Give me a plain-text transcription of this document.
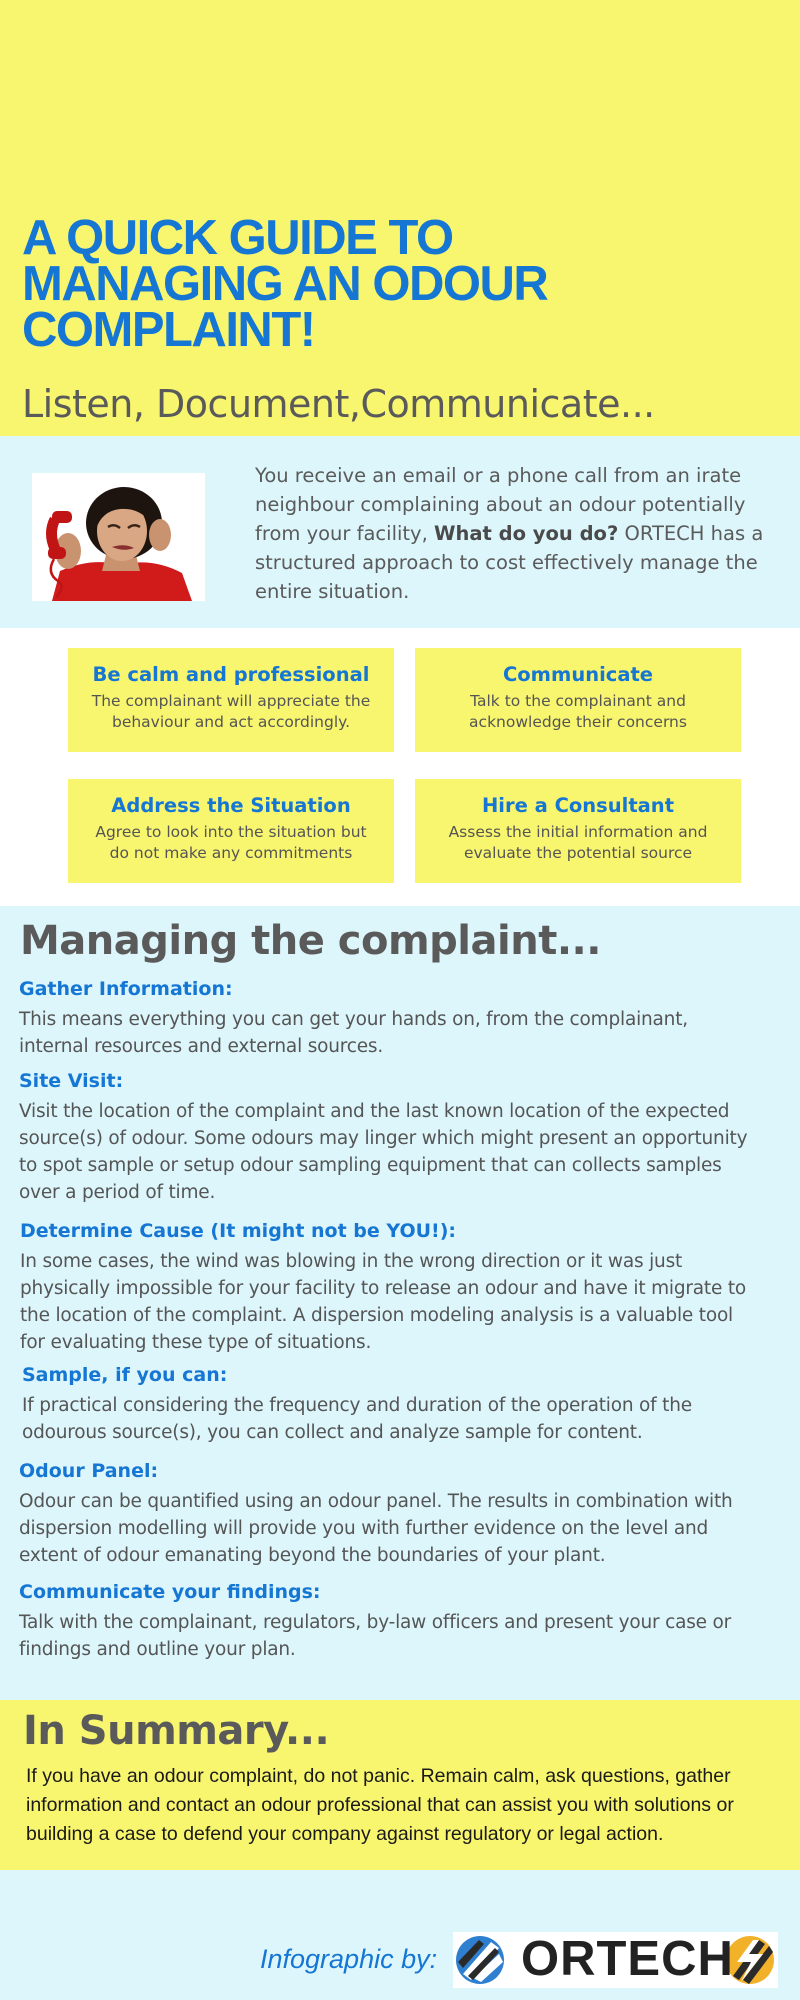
A QUICK GUIDE TO
MANAGING AN ODOUR
COMPLAINT!
Listen, Document,Communicate...

You receive an email or a phone call from an irate neighbour complaining about an odour potentially from your facility, What do you do? ORTECH has a structured approach to cost effectively manage the entire situation.

Be calm and professional
The complainant will appreciate the behaviour and act accordingly.
Communicate
Talk to the complainant and acknowledge their concerns
Address the Situation
Agree to look into the situation but do not make any commitments
Hire a Consultant
Assess the initial information and evaluate the potential source
Managing the complaint...
Gather Information:
This means everything you can get your hands on, from the complainant, internal resources and external sources.
Site Visit:
Visit the location of the complaint and the last known location of the expected source(s) of odour. Some odours may linger which might present an opportunity to spot sample or setup odour sampling equipment that can collects samples over a period of time.
Determine Cause (It might not be YOU!):
In some cases, the wind was blowing in the wrong direction or it was just physically impossible for your facility to release an odour and have it migrate to the location of the complaint. A dispersion modeling analysis is a valuable tool for evaluating these type of situations.
Sample, if you can:
If practical considering the frequency and duration of the operation of the odourous source(s), you can collect and analyze sample for content.
Odour Panel:
Odour can be quantified using an odour panel. The results in combination with dispersion modelling will provide you with further evidence on the level and extent of odour emanating beyond the boundaries of your plant.
Communicate your findings:
Talk with the complainant, regulators, by-law officers and present your case or findings and outline your plan.
In Summary...

If you have an odour complaint, do not panic. Remain calm, ask questions, gather information and contact an odour professional that can assist you with solutions or building a case to defend your company against regulatory or legal action.

Infographic by: ORTECH
